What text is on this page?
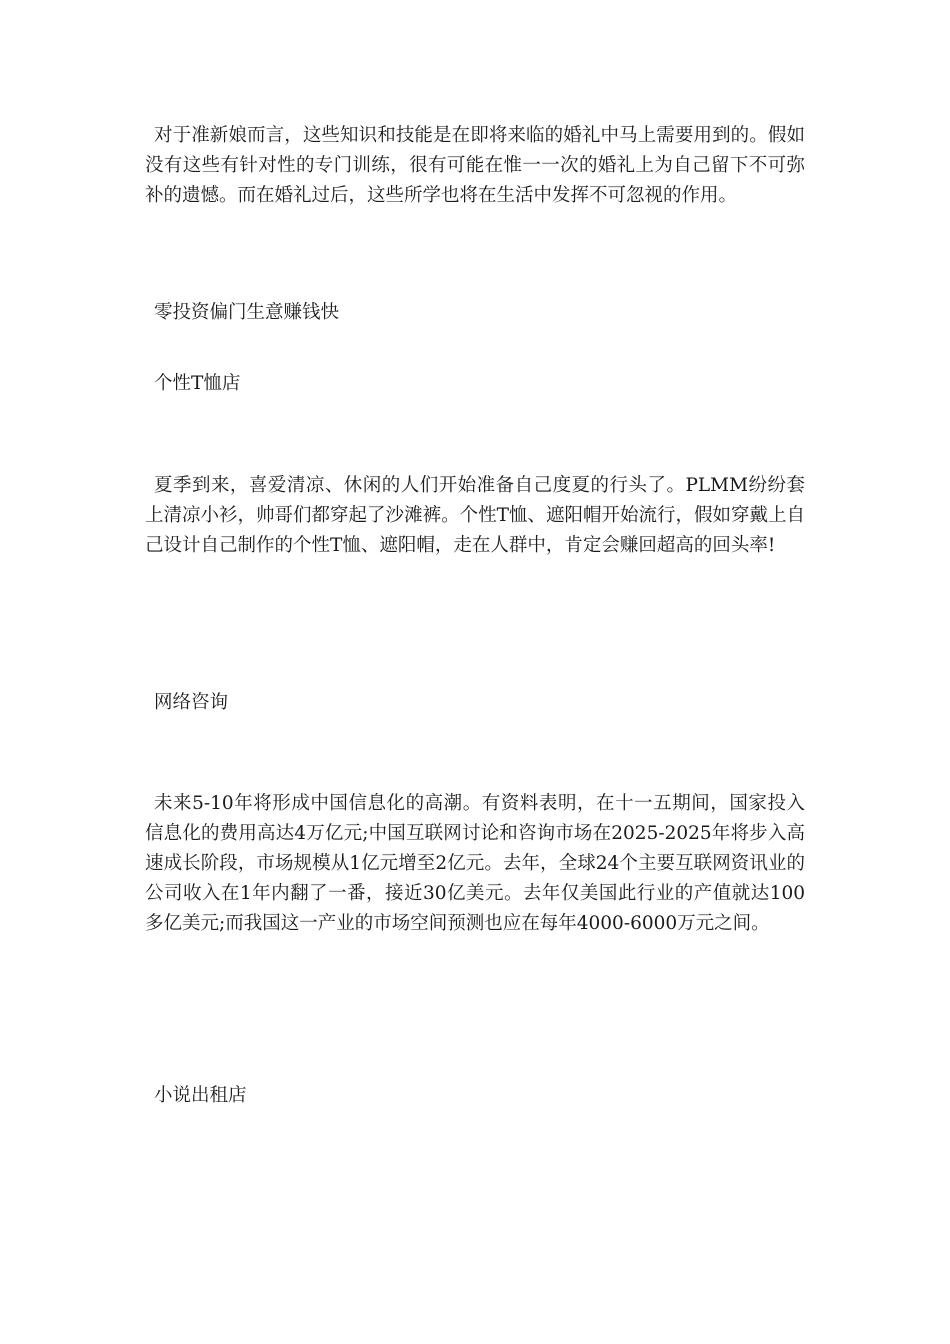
对于准新娘而言，这些知识和技能是在即将来临的婚礼中马上需要用到的。假如没有这些有针对性的专门训练，很有可能在惟一一次的婚礼上为自己留下不可弥补的遗憾。而在婚礼过后，这些所学也将在生活中发挥不可忽视的作用。

零投资偏门生意赚钱快

个性T恤店

夏季到来，喜爱清凉、休闲的人们开始准备自己度夏的行头了。PLMM纷纷套上清凉小衫，帅哥们都穿起了沙滩裤。个性T恤、遮阳帽开始流行，假如穿戴上自己设计自己制作的个性T恤、遮阳帽，走在人群中，肯定会赚回超高的回头率!

网络咨询

未来5-10年将形成中国信息化的高潮。有资料表明，在十一五期间，国家投入信息化的费用高达4万亿元;中国互联网讨论和咨询市场在2025-2025年将步入高速成长阶段，市场规模从1亿元增至2亿元。去年，全球24个主要互联网资讯业的公司收入在1年内翻了一番，接近30亿美元。去年仅美国此行业的产值就达100多亿美元;而我国这一产业的市场空间预测也应在每年4000-6000万元之间。

小说出租店
